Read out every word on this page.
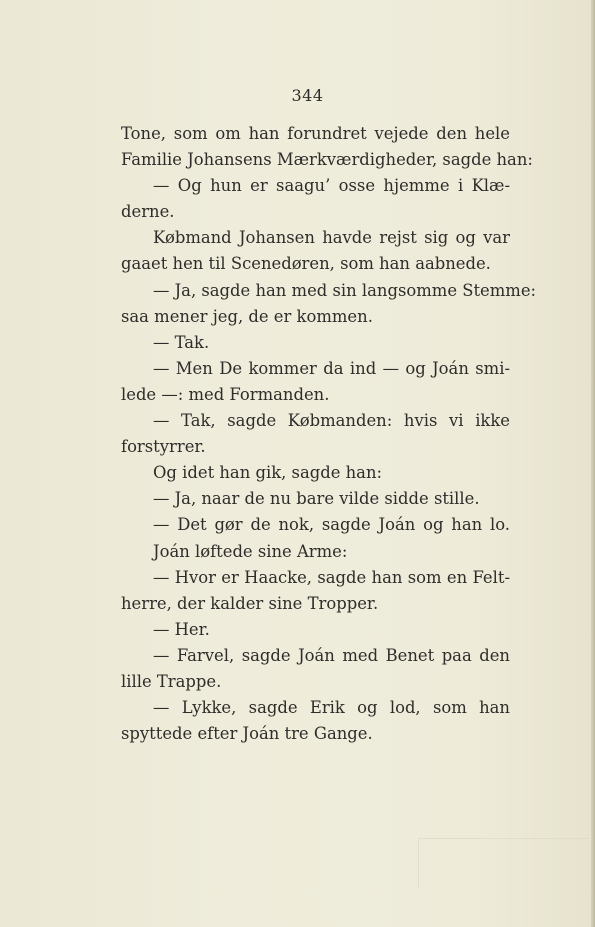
344
Tone, som om han forundret vejede den hele
Familie Johansens Mærkværdigheder, sagde han:
— Og hun er saagu’ osse hjemme i Klæ-
derne.
Købmand Johansen havde rejst sig og var
gaaet hen til Scenedøren, som han aabnede.
— Ja, sagde han med sin langsomme Stemme:
saa mener jeg, de er kommen.
— Tak.
— Men De kommer da ind — og Joán smi-
lede —: med Formanden.
— Tak, sagde Købmanden: hvis vi ikke
forstyrrer.
Og idet han gik, sagde han:
— Ja, naar de nu bare vilde sidde stille.
— Det gør de nok, sagde Joán og han lo.
Joán løftede sine Arme:
— Hvor er Haacke, sagde han som en Felt-
herre, der kalder sine Tropper.
— Her.
— Farvel, sagde Joán med Benet paa den
lille Trappe.
— Lykke, sagde Erik og lod, som han
spyttede efter Joán tre Gange.
